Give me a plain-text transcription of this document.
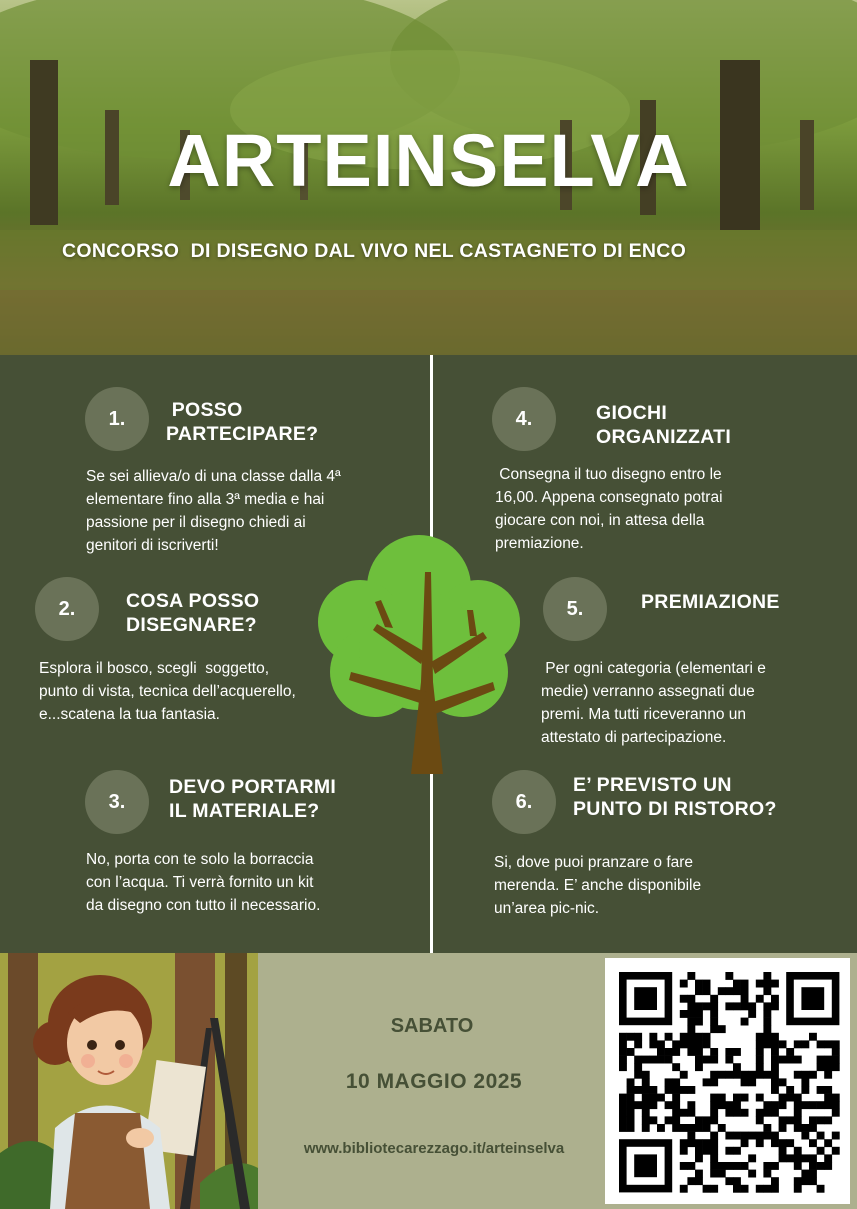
ARTEINSELVA
CONCORSO  DI DISEGNO DAL VIVO NEL CASTAGNETO DI ENCO
1.	POSSO
PARTECIPARE?
Se sei allieva/o di una classe dalla 4ª
elementare fino alla 3ª media e hai
passione per il disegno chiedi ai
genitori di iscriverti!
2.	COSA POSSO
DISEGNARE?
Esplora il bosco, scegli  soggetto,
punto di vista, tecnica dell’acquerello,
e...scatena la tua fantasia.
3.
DEVO PORTARMI
IL MATERIALE?
No, porta con te solo la borraccia
con l’acqua. Ti verrà fornito un kit
da disegno con tutto il necessario.
4.	GIOCHI
ORGANIZZATI
Consegna il tuo disegno entro le
16,00. Appena consegnato potrai
giocare con noi, in attesa della
premiazione.
5.	PREMIAZIONE
Per ogni categoria (elementari e
medie) verranno assegnati due
premi. Ma tutti riceveranno un
attestato di partecipazione.
6.
E’ PREVISTO UN
PUNTO DI RISTORO?
Si, dove puoi pranzare o fare
merenda. E’ anche disponibile
un’area pic-nic.
SABATO
10 MAGGIO 2025
www.bibliotecarezzago.it/arteinselva
